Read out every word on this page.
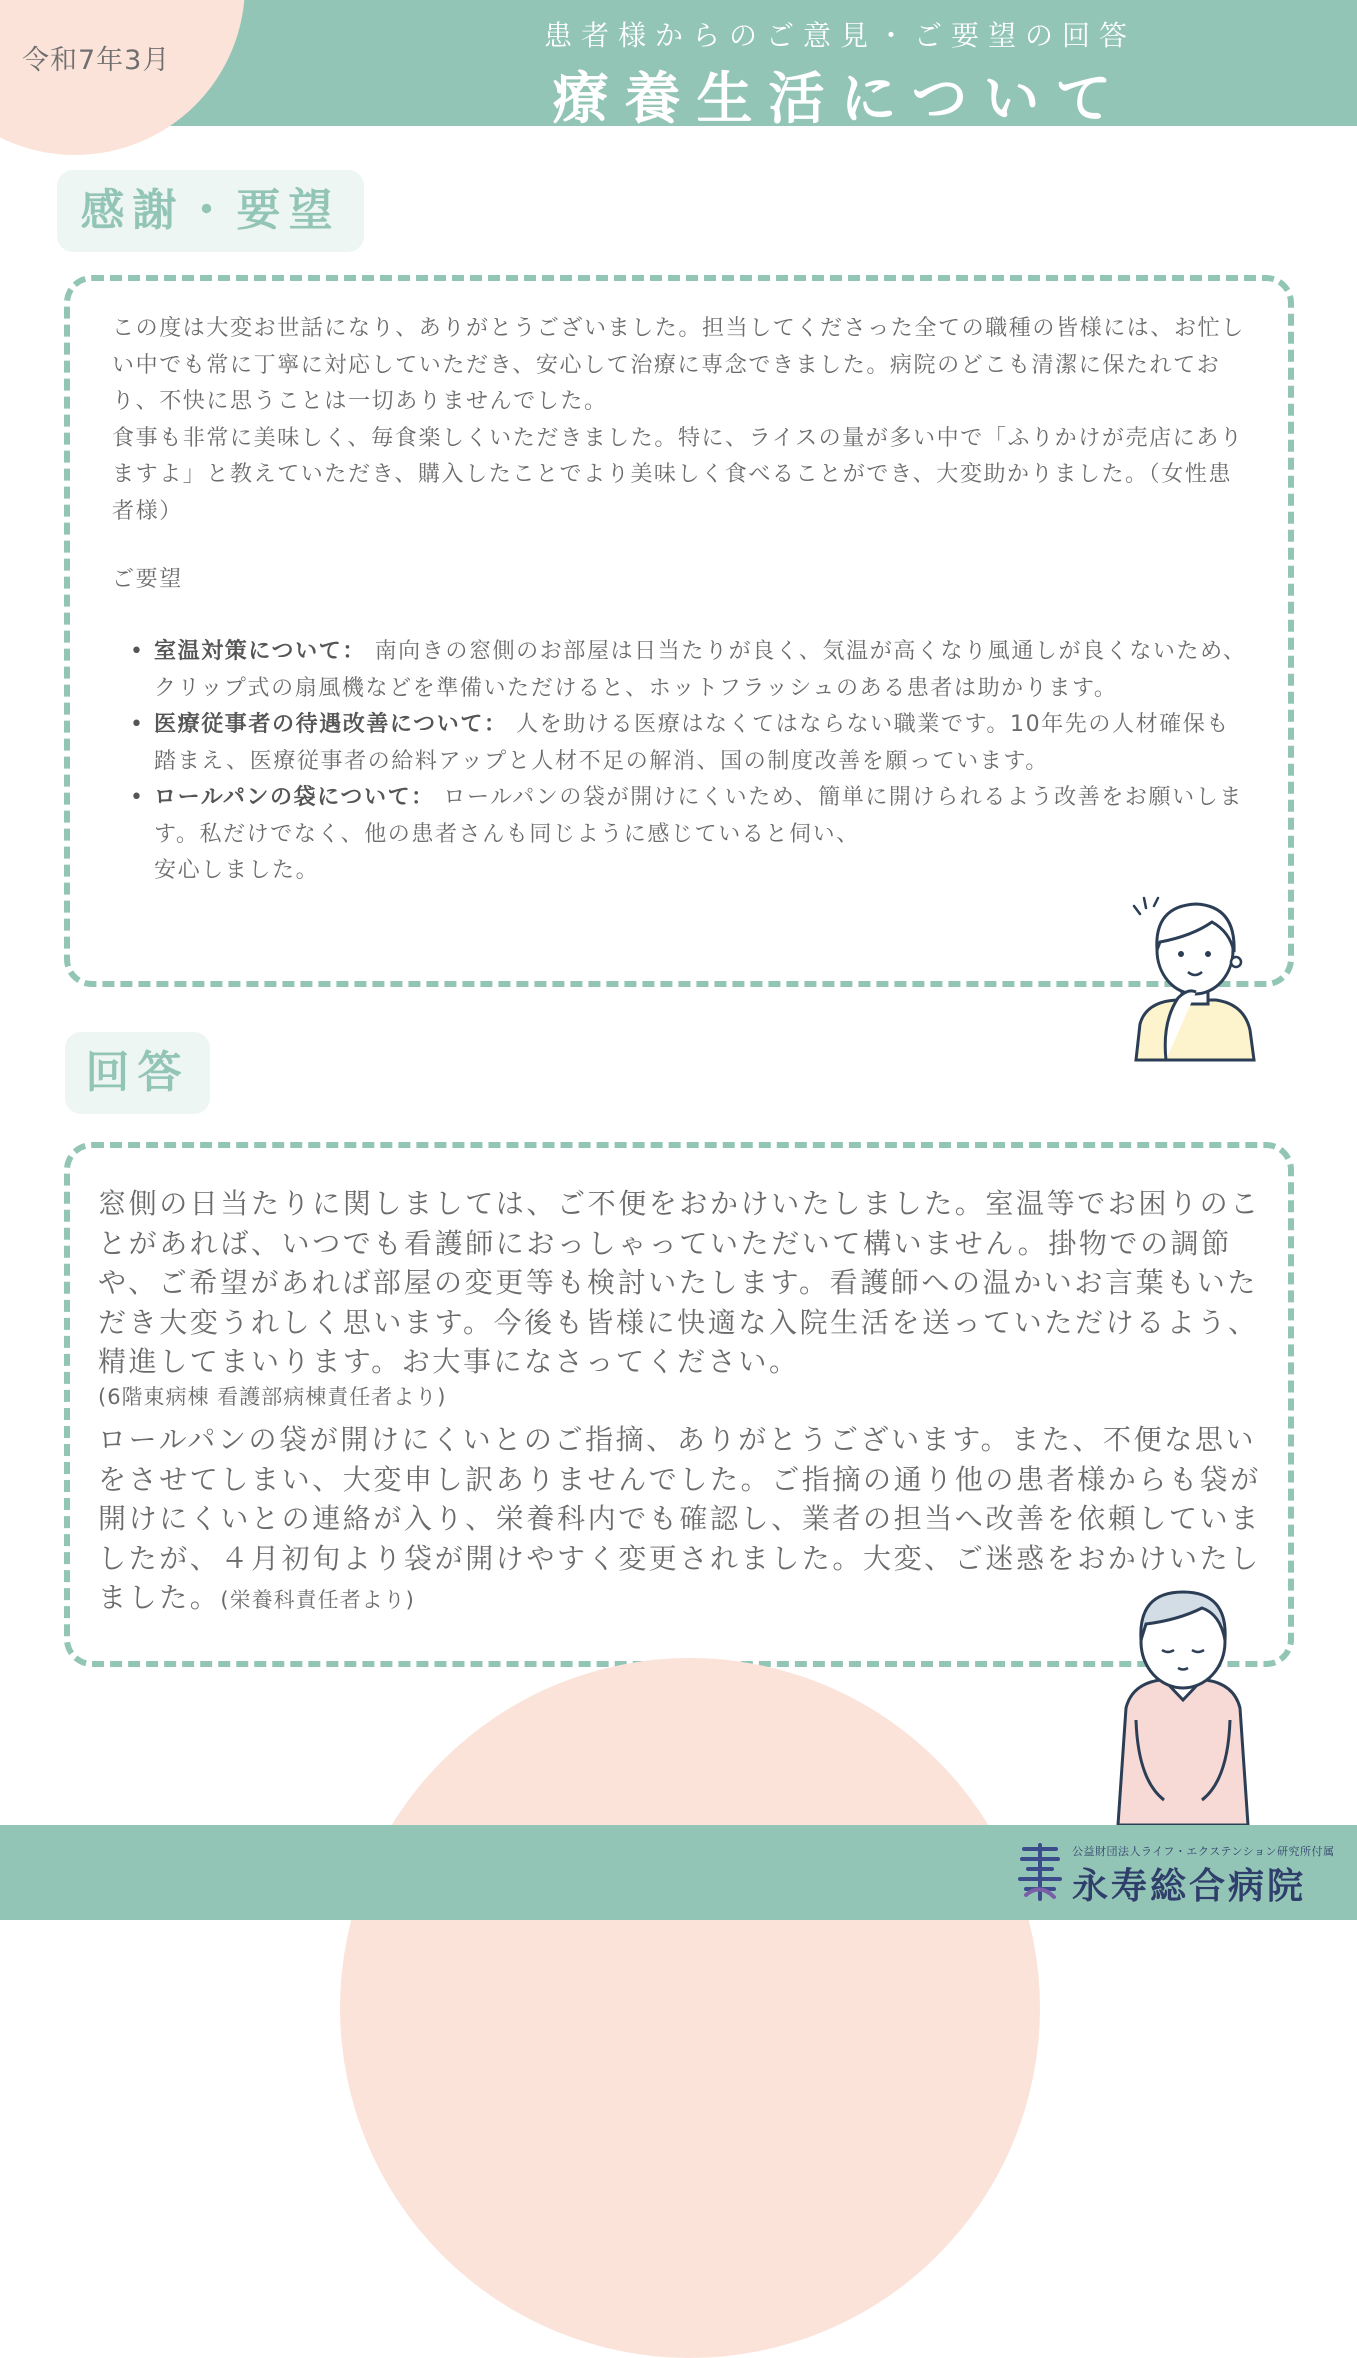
令和7年3月
患者様からのご意見・ご要望の回答
療養生活について
感謝・要望

この度は大変お世話になり、ありがとうございました。担当してくださった全ての職種の皆様には、お忙しい中でも常に丁寧に対応していただき、安心して治療に専念できました。病院のどこも清潔に保たれており、不快に思うことは一切ありませんでした。
食事も非常に美味しく、毎食楽しくいただきました。特に、ライスの量が多い中で「ふりかけが売店にありますよ」と教えていただき、購入したことでより美味しく食べることができ、大変助かりました。（女性患者様）

ご要望
• 室温対策について： 南向きの窓側のお部屋は日当たりが良く、気温が高くなり風通しが良くないため、クリップ式の扇風機などを準備いただけると、ホットフラッシュのある患者は助かります。
• 医療従事者の待遇改善について： 人を助ける医療はなくてはならない職業です。10年先の人材確保も踏まえ、医療従事者の給料アップと人材不足の解消、国の制度改善を願っています。
• ロールパンの袋について： ロールパンの袋が開けにくいため、簡単に開けられるよう改善をお願いします。私だけでなく、他の患者さんも同じように感じていると伺い、
安心しました。
回答

窓側の日当たりに関しましては、ご不便をおかけいたしました。室温等でお困りのことがあれば、いつでも看護師におっしゃっていただいて構いません。掛物での調節や、ご希望があれば部屋の変更等も検討いたします。看護師への温かいお言葉もいただき大変うれしく思います。今後も皆様に快適な入院生活を送っていただけるよう、精進してまいります。お大事になさってください。

(6階東病棟 看護部病棟責任者より)

ロールパンの袋が開けにくいとのご指摘、ありがとうございます。また、不便な思いをさせてしまい、大変申し訳ありませんでした。ご指摘の通り他の患者様からも袋が開けにくいとの連絡が入り、栄養科内でも確認し、業者の担当へ改善を依頼していましたが、４月初旬より袋が開けやすく変更されました。大変、ご迷惑をおかけいたしました。(栄養科責任者より)

公益財団法人ライフ・エクステンション研究所付属
永寿総合病院
